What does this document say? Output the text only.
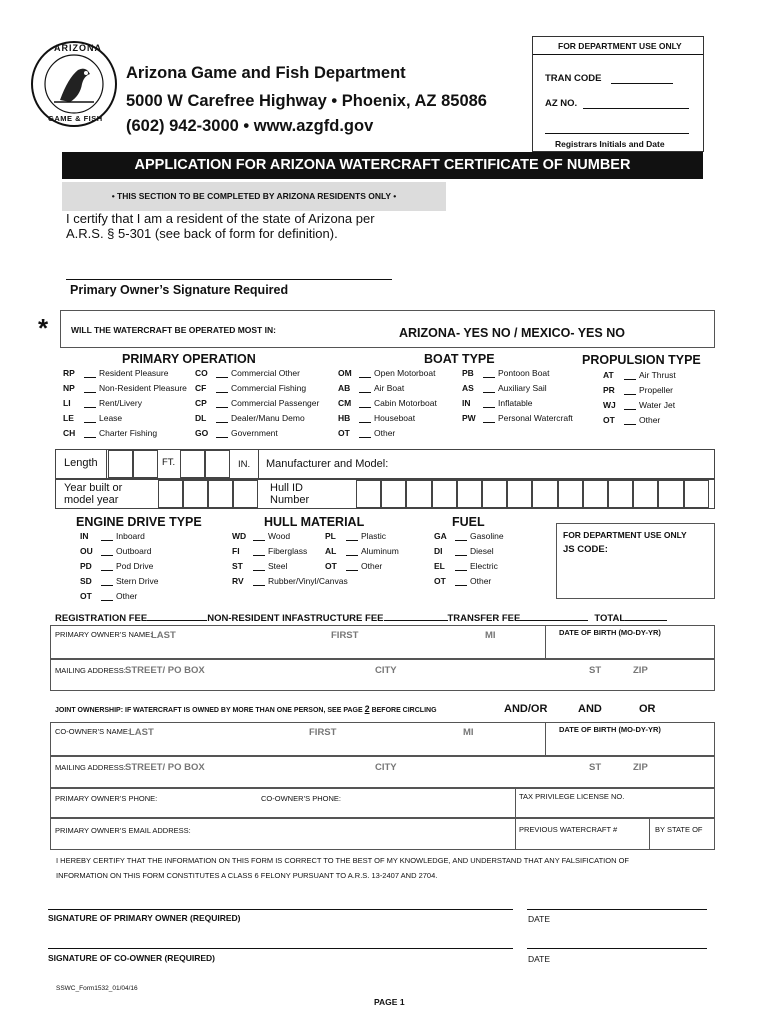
ARIZONA
GAME & FISH
Arizona Game and Fish Department
5000 W Carefree Highway • Phoenix, AZ 85086
(602) 942-3000 • www.azgfd.gov
FOR DEPARTMENT USE ONLY
TRAN CODE
AZ NO.
Registrars Initials and Date
APPLICATION FOR ARIZONA WATERCRAFT CERTIFICATE OF NUMBER
• THIS SECTION TO BE COMPLETED BY ARIZONA RESIDENTS ONLY •
I certify that I am a resident of the state of Arizona per
A.R.S. § 5-301 (see back of form for definition).
Primary Owner’s Signature Required
*	WILL THE WATERCRAFT BE OPERATED MOST IN:	ARIZONA- YES NO / MEXICO- YES NO
PRIMARY OPERATION
RP	Resident Pleasure
NP	Non-Resident Pleasure
LI	Rent/Livery
LE	Lease
CH	Charter Fishing
CO	Commercial Other
CF	Commercial Fishing
CP	Commercial Passenger
DL	Dealer/Manu Demo
GO	Government
BOAT TYPE
OM	Open Motorboat
AB	Air Boat
CM	Cabin Motorboat
HB	Houseboat
OT	Other
PB	Pontoon Boat
AS	Auxiliary Sail
IN	Inflatable
PW	Personal Watercraft
PROPULSION TYPE
AT	Air Thrust
PR	Propeller
WJ	Water Jet
OT	Other
Length	FT.	IN. Manufacturer and Model:
Year built or
model year
Hull ID
Number
ENGINE DRIVE TYPE
IN	Inboard
OU	Outboard
PD	Pod Drive
SD	Stern Drive
OT	Other
HULL MATERIAL
WD	Wood
FI	Fiberglass
ST	Steel
RV	Rubber/Vinyl/Canvas
PL	Plastic
AL	Aluminum
OT	Other
FUEL
GA	Gasoline
DI	Diesel
EL	Electric
OT	Other
FOR DEPARTMENT USE ONLY
JS CODE:
REGISTRATION FEE	NON-RESIDENT INFASTRUCTURE FEE	TRANSFER FEE	TOTAL
PRIMARY OWNER’S NAME:
LAST	FIRST	MI	DATE OF BIRTH (MO-DY-YR)
MAILING ADDRESS: STREET/ PO BOX	CITY	ST	ZIP
JOINT OWNERSHIP: IF WATERCRAFT IS OWNED BY MORE THAN ONE PERSON, SEE PAGE 2 BEFORE CIRCLING	AND/OR	AND	OR
CO-OWNER’S NAME: LAST	FIRST	MI	DATE OF BIRTH (MO-DY-YR)
MAILING ADDRESS: STREET/ PO BOX	CITY	ST	ZIP
PRIMARY OWNER’S PHONE:	CO-OWNER’S PHONE:	TAX PRIVILEGE LICENSE NO.
PRIMARY OWNER’S EMAIL ADDRESS:	PREVIOUS WATERCRAFT #	BY STATE OF
I HEREBY CERTIFY THAT THE INFORMATION ON THIS FORM IS CORRECT TO THE BEST OF MY KNOWLEDGE, AND UNDERSTAND THAT ANY FALSIFICATION OF
INFORMATION ON THIS FORM CONSTITUTES A CLASS 6 FELONY PURSUANT TO A.R.S. 13-2407 AND 2704.
SIGNATURE OF PRIMARY OWNER (REQUIRED)	DATE
SIGNATURE OF CO-OWNER (REQUIRED)	DATE
SSWC_Form1532_01/04/16
PAGE 1
